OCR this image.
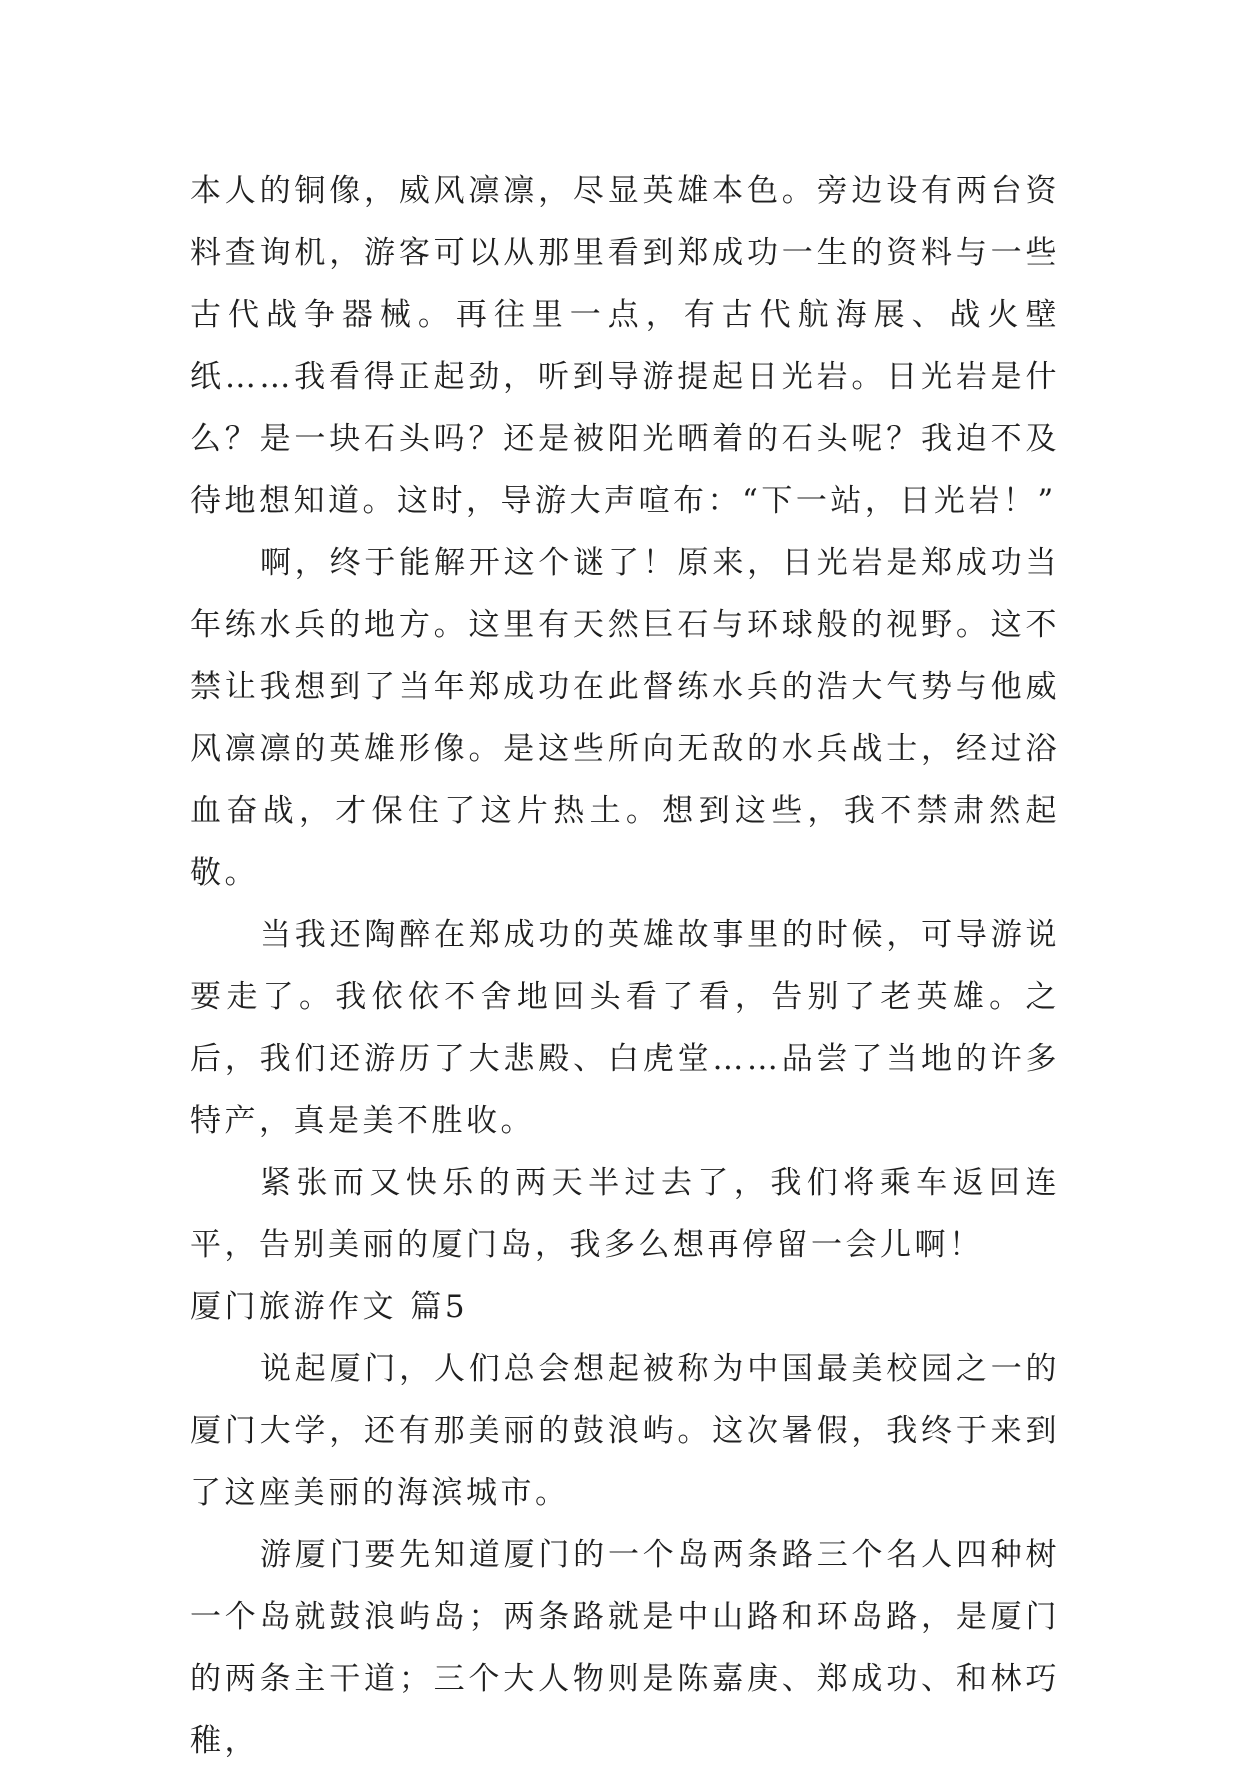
本人的铜像，威风凛凛，尽显英雄本色。旁边设有两台资料查询机，游客可以从那里看到郑成功一生的资料与一些古代战争器械。再往里一点，有古代航海展、战火壁纸……我看得正起劲，听到导游提起日光岩。日光岩是什么？是一块石头吗？还是被阳光晒着的石头呢？我迫不及待地想知道。这时，导游大声喧布：“下一站，日光岩！”

啊，终于能解开这个谜了！原来，日光岩是郑成功当年练水兵的地方。这里有天然巨石与环球般的视野。这不禁让我想到了当年郑成功在此督练水兵的浩大气势与他威风凛凛的英雄形像。是这些所向无敌的水兵战士，经过浴血奋战，才保住了这片热土。想到这些，我不禁肃然起敬。

当我还陶醉在郑成功的英雄故事里的时候，可导游说要走了。我依依不舍地回头看了看，告别了老英雄。之后，我们还游历了大悲殿、白虎堂……品尝了当地的许多特产，真是美不胜收。

紧张而又快乐的两天半过去了，我们将乘车返回连平，告别美丽的厦门岛，我多么想再停留一会儿啊！

厦门旅游作文 篇5

说起厦门，人们总会想起被称为中国最美校园之一的厦门大学，还有那美丽的鼓浪屿。这次暑假，我终于来到了这座美丽的海滨城市。

游厦门要先知道厦门的一个岛两条路三个名人四种树一个岛就鼓浪屿岛；两条路就是中山路和环岛路，是厦门的两条主干道；三个大人物则是陈嘉庚、郑成功、和林巧稚，
